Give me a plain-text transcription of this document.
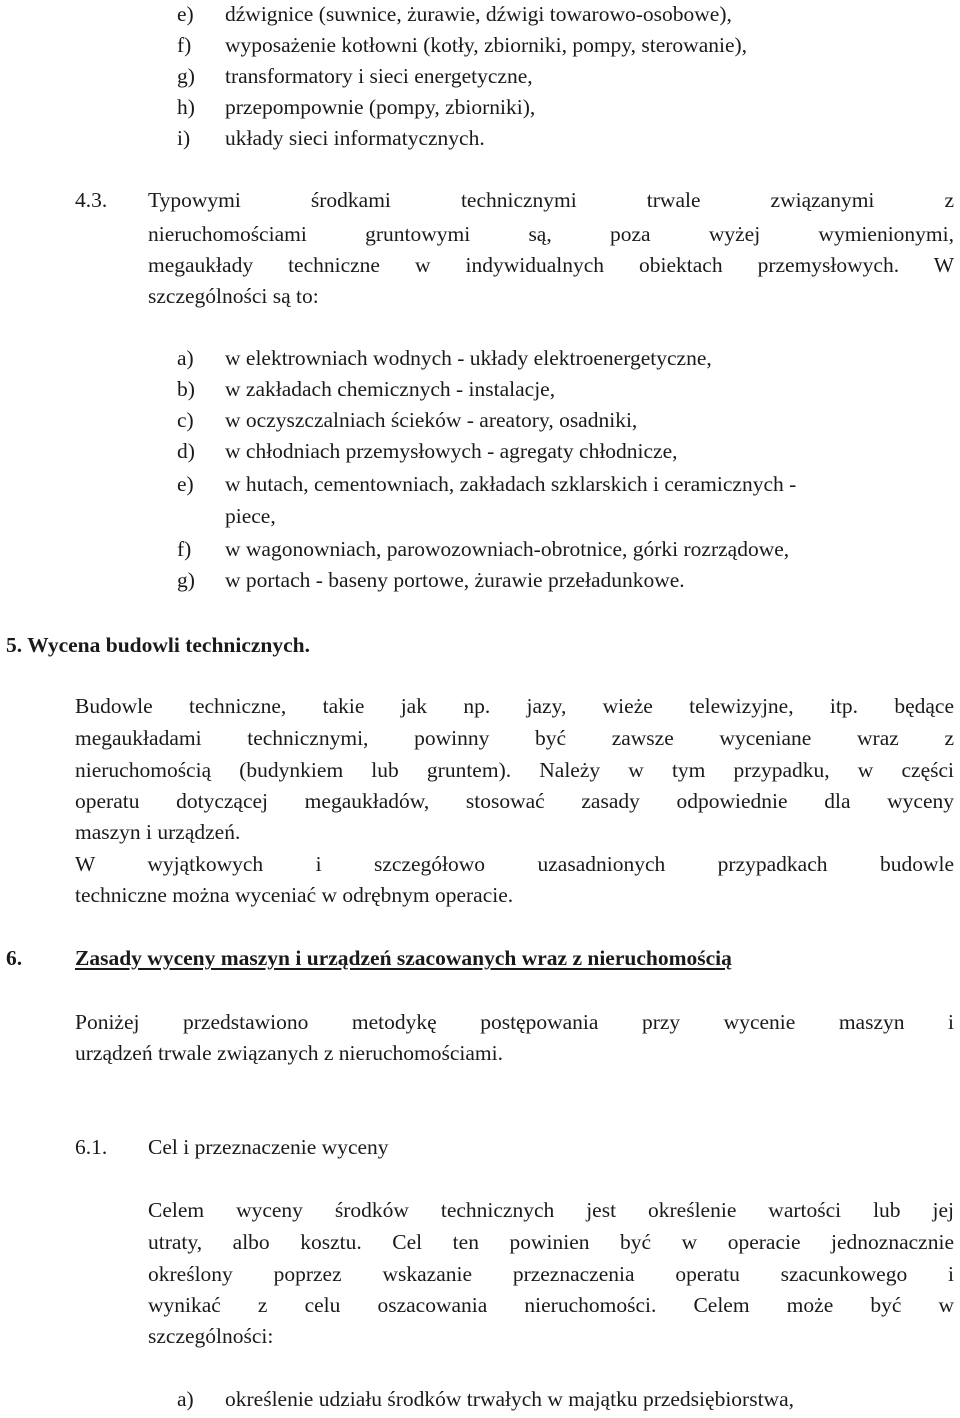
e) dźwignice (suwnice, żurawie, dźwigi towarowo-osobowe),
f) wyposażenie kotłowni (kotły, zbiorniki, pompy, sterowanie),
g) transformatory i sieci energetyczne,
h) przepompownie (pompy, zbiorniki),
i) układy sieci informatycznych.
4.3. Typowymi środkami technicznymi trwale związanymi z
nieruchomościami gruntowymi są, poza wyżej wymienionymi,
megaukłady techniczne w indywidualnych obiektach przemysłowych. W
szczególności są to:
a) w elektrowniach wodnych - układy elektroenergetyczne,
b) w zakładach chemicznych - instalacje,
c) w oczyszczalniach ścieków - areatory, osadniki,
d) w chłodniach przemysłowych - agregaty chłodnicze,
e) w hutach, cementowniach, zakładach szklarskich i ceramicznych -
piece,
f) w wagonowniach, parowozowniach-obrotnice, górki rozrządowe,
g) w portach - baseny portowe, żurawie przeładunkowe.
5. Wycena budowli technicznych.
Budowle techniczne, takie jak np. jazy, wieże telewizyjne, itp. będące
megaukładami technicznymi, powinny być zawsze wyceniane wraz z
nieruchomością (budynkiem lub gruntem). Należy w tym przypadku, w części
operatu dotyczącej megaukładów, stosować zasady odpowiednie dla wyceny
maszyn i urządzeń.
W wyjątkowych i szczegółowo uzasadnionych przypadkach budowle
techniczne można wyceniać w odrębnym operacie.
6. Zasady wyceny maszyn i urządzeń szacowanych wraz z nieruchomością
Poniżej przedstawiono metodykę postępowania przy wycenie maszyn i
urządzeń trwale związanych z nieruchomościami.
6.1. Cel i przeznaczenie wyceny
Celem wyceny środków technicznych jest określenie wartości lub jej
utraty, albo kosztu. Cel ten powinien być w operacie jednoznacznie
określony poprzez wskazanie przeznaczenia operatu szacunkowego i
wynikać z celu oszacowania nieruchomości. Celem może być w
szczególności:
a) określenie udziału środków trwałych w majątku przedsiębiorstwa,
